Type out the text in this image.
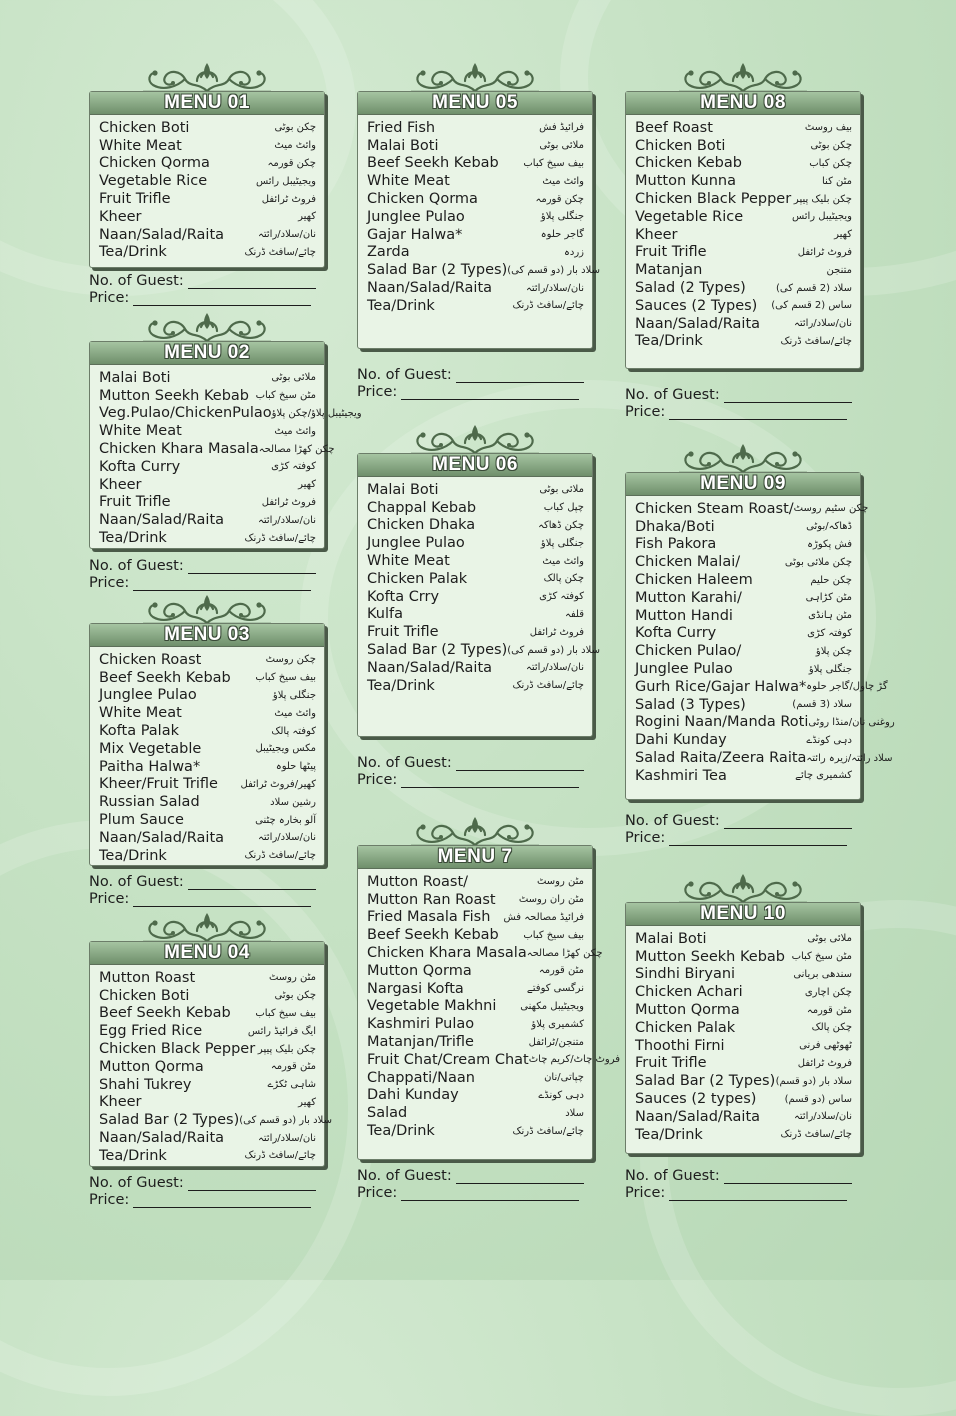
MENU 01
Chicken Boti	چکن بوٹی
White Meat	وائٹ میٹ
Chicken Qorma	چکن قورمہ
Vegetable Rice	ویجیٹیبل رائس
Fruit Trifle	فروٹ ٹرائفل
Kheer	کھیر
Naan/Salad/Raita	نان/سلاد/رائتہ
Tea/Drink	چائے/سافٹ ڈرنک
No. of Guest:
Price:
MENU 02
Malai Boti	ملائی بوٹی
Mutton Seekh Kebab مٹن سیخ کباب
Veg.Pulao/ChickenPulao ویجیٹیبل پلاؤ/چکن پلاؤ
White Meat	وائٹ میٹ
Chicken Khara Masala چکن کھڑا مصالحہ
Kofta Curry	کوفتہ کڑی
Kheer	کھیر
Fruit Trifle	فروٹ ٹرائفل
Naan/Salad/Raita	نان/سلاد/رائتہ
Tea/Drink	چائے/سافٹ ڈرنک
No. of Guest:
Price:
MENU 03
Chicken Roast	چکن روسٹ
Beef Seekh Kebab بیف سیخ کباب
Junglee Pulao	جنگلی پلاؤ
White Meat	وائٹ میٹ
Kofta Palak	کوفتہ پالک
Mix Vegetable	مکس ویجیٹیبل
Paitha Halwa*	پیٹھا حلوہ
Kheer/Fruit Trifle کھیر/فروٹ ٹرائفل
Russian Salad	رشین سلاد
Plum Sauce	آلو بخارہ چٹنی
Naan/Salad/Raita	نان/سلاد/رائتہ
Tea/Drink	چائے/سافٹ ڈرنک
No. of Guest:
Price:
MENU 04
Mutton Roast	مٹن روسٹ
Chicken Boti	چکن بوٹی
Beef Seekh Kebab بیف سیخ کباب
Egg Fried Rice	ایگ فرائیڈ رائس
Chicken Black Pepper چکن بلیک پیپر
Mutton Qorma	مٹن قورمہ
Shahi Tukrey	شاہی ٹکڑے
Kheer	کھیر
Salad Bar (2 Types) سلاد بار (دو قسم کی)
Naan/Salad/Raita	نان/سلاد/رائتہ
Tea/Drink	چائے/سافٹ ڈرنک
No. of Guest:
Price:
MENU 05
Fried Fish	فرائیڈ فش
Malai Boti	ملائی بوٹی
Beef Seekh Kebab بیف سیخ کباب
White Meat	وائٹ میٹ
Chicken Qorma	چکن قورمہ
Junglee Pulao	جنگلی پلاؤ
Gajar Halwa*	گاجر حلوہ
Zarda	زردہ
Salad Bar (2 Types) سلاد بار (دو قسم کی)
Naan/Salad/Raita	نان/سلاد/رائتہ
Tea/Drink	چائے/سافٹ ڈرنک
No. of Guest:
Price:
MENU 06
Malai Boti	ملائی بوٹی
Chappal Kebab	چپل کباب
Chicken Dhaka	چکن ڈھاکہ
Junglee Pulao	جنگلی پلاؤ
White Meat	وائٹ میٹ
Chicken Palak	چکن پالک
Kofta Crry	کوفتہ کڑی
Kulfa	قلفہ
Fruit Trifle	فروٹ ٹرائفل
Salad Bar (2 Types) سلاد بار (دو قسم کی)
Naan/Salad/Raita	نان/سلاد/رائتہ
Tea/Drink	چائے/سافٹ ڈرنک
No. of Guest:
Price:
MENU 7
Mutton Roast/	مٹن روسٹ
Mutton Ran Roast مٹن ران روسٹ
Fried Masala Fish فرائیڈ مصالحہ فش
Beef Seekh Kebab بیف سیخ کباب
Chicken Khara Masala چکن کھڑا مصالحہ
Mutton Qorma	مٹن قورمہ
Nargasi Kofta	نرگسی کوفتے
Vegetable Makhni ویجیٹیبل مکھنی
Kashmiri Pulao	کشمیری پلاؤ
Matanjan/Trifle	متنجن/ٹرائفل
Fruit Chat/Cream Chat فروٹ چاٹ/کریم چاٹ
Chappati/Naan	چپاتی/نان
Dahi Kunday	دہی کونڈے
Salad	سلاد
Tea/Drink	چائے/سافٹ ڈرنک
No. of Guest:
Price:
MENU 08
Beef Roast	بیف روسٹ
Chicken Boti	چکن بوٹی
Chicken Kebab	چکن کباب
Mutton Kunna	مٹن کنا
Chicken Black Pepper چکن بلیک پیپر
Vegetable Rice	ویجیٹیبل رائس
Kheer	کھیر
Fruit Trifle	فروٹ ٹرائفل
Matanjan	متنجن
Salad (2 Types)	سلاد (2 قسم کی)
Sauces (2 Types) ساس (2 قسم کی)
Naan/Salad/Raita	نان/سلاد/رائتہ
Tea/Drink	چائے/سافٹ ڈرنک
No. of Guest:
Price:
MENU 09
Chicken Steam Roast/ چکن سٹیم روسٹ
Dhaka/Boti	ڈھاکہ/بوٹی
Fish Pakora	فش پکوڑہ
Chicken Malai/	چکن ملائی بوٹی
Chicken Haleem	چکن حلیم
Mutton Karahi/	مٹن کڑاہی
Mutton Handi	مٹن ہانڈی
Kofta Curry	کوفتہ کڑی
Chicken Pulao/	چکن پلاؤ
Junglee Pulao	جنگلی پلاؤ
Gurh Rice/Gajar Halwa* گڑ چاول/گاجر حلوہ
Salad (3 Types)	سلاد (3 قسم)
Rogini Naan/Manda Roti روغنی نان/منڈا روٹی
Dahi Kunday	دہی کونڈے
Salad Raita/Zeera Raita سلاد رائتہ/زیرہ رائتہ
Kashmiri Tea	کشمیری چائے
No. of Guest:
Price:
MENU 10
Malai Boti	ملائی بوٹی
Mutton Seekh Kebab مٹن سیخ کباب
Sindhi Biryani	سندھی بریانی
Chicken Achari	چکن اچاری
Mutton Qorma	مٹن قورمہ
Chicken Palak	چکن پالک
Thoothi Firni	ٹھوٹھی فرنی
Fruit Trifle	فروٹ ٹرائفل
Salad Bar (2 Types) سلاد بار (دو قسم)
Sauces (2 types)	ساس (دو قسم)
Naan/Salad/Raita	نان/سلاد/رائتہ
Tea/Drink	چائے/سافٹ ڈرنک
No. of Guest:
Price:
